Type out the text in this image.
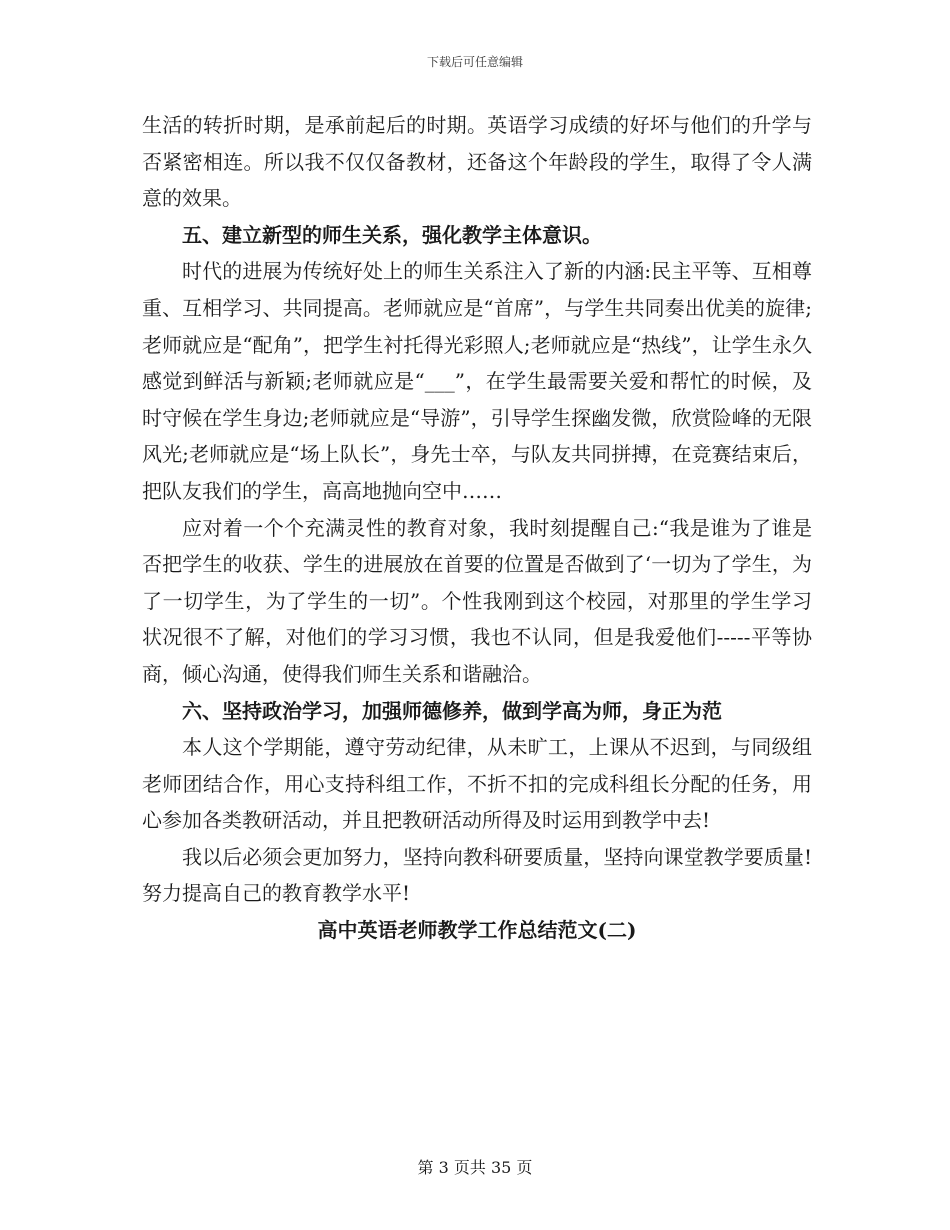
下载后可任意编辑

生活的转折时期，是承前起后的时期。英语学习成绩的好坏与他们的升学与否紧密相连。所以我不仅仅备教材，还备这个年龄段的学生，取得了令人满意的效果。

五、建立新型的师生关系，强化教学主体意识。

时代的进展为传统好处上的师生关系注入了新的内涵:民主平等、互相尊重、互相学习、共同提高。老师就应是“首席”，与学生共同奏出优美的旋律;老师就应是“配角”，把学生衬托得光彩照人;老师就应是“热线”，让学生永久感觉到鲜活与新颖;老师就应是“___”，在学生最需要关爱和帮忙的时候，及时守候在学生身边;老师就应是“导游”，引导学生探幽发微，欣赏险峰的无限风光;老师就应是“场上队长”，身先士卒，与队友共同拼搏，在竞赛结束后，把队友我们的学生，高高地抛向空中……

应对着一个个充满灵性的教育对象，我时刻提醒自己:“我是谁为了谁是否把学生的收获、学生的进展放在首要的位置是否做到了‘一切为了学生，为了一切学生，为了学生的一切”。个性我刚到这个校园，对那里的学生学习状况很不了解，对他们的学习习惯，我也不认同，但是我爱他们-----平等协商，倾心沟通，使得我们师生关系和谐融洽。

六、坚持政治学习，加强师德修养，做到学高为师，身正为范

本人这个学期能，遵守劳动纪律，从未旷工，上课从不迟到，与同级组老师团结合作，用心支持科组工作，不折不扣的完成科组长分配的任务，用心参加各类教研活动，并且把教研活动所得及时运用到教学中去!

我以后必须会更加努力，坚持向教科研要质量，坚持向课堂教学要质量!努力提高自己的教育教学水平!

高中英语老师教学工作总结范文(二)

第 3 页共 35 页
